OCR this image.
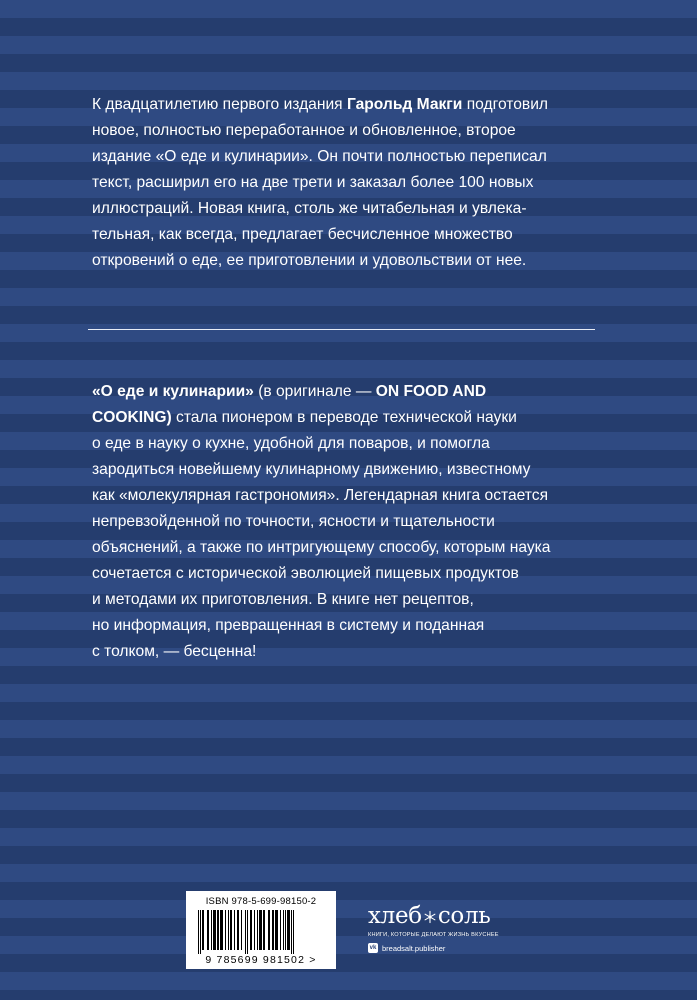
К двадцатилетию первого издания Гарольд Макги подготовил
новое, полностью переработанное и обновленное, второе
издание «О еде и кулинарии». Он почти полностью переписал
текст, расширил его на две трети и заказал более 100 новых
иллюстраций. Новая книга, столь же читабельная и увлека-
тельная, как всегда, предлагает бесчисленное множество
откровений о еде, ее приготовлении и удовольствии от нее.
«О еде и кулинарии» (в оригинале — ON FOOD AND
COOKING) стала пионером в переводе технической науки
о еде в науку о кухне, удобной для поваров, и помогла
зародиться новейшему кулинарному движению, известному
как «молекулярная гастрономия». Легендарная книга остается
непревзойденной по точности, ясности и тщательности
объяснений, а также по интригующему способу, которым наука
сочетается с исторической эволюцией пищевых продуктов
и методами их приготовления. В книге нет рецептов,
но информация, превращенная в систему и поданная
с толком, — бесценна!
ISBN 978-5-699-98150-2
9 785699 981502 >
хлеб соль
КНИГИ, КОТОРЫЕ ДЕЛАЮТ ЖИЗНЬ ВКУСНЕЕ
vk breadsalt.publisher
